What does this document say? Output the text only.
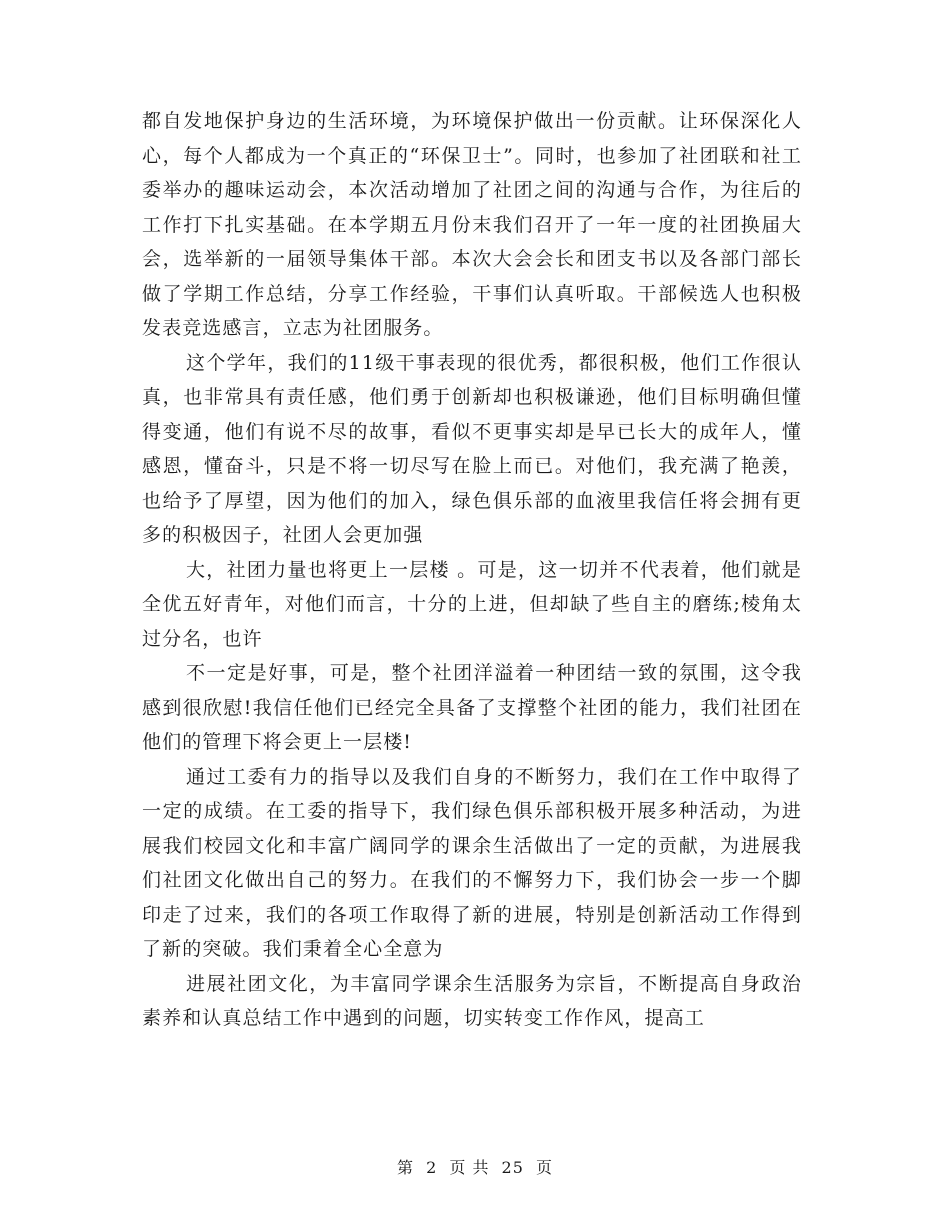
都自发地保护身边的生活环境，为环境保护做出一份贡献。让环保深化人心，每个人都成为一个真正的“环保卫士”。同时，也参加了社团联和社工委举办的趣味运动会，本次活动增加了社团之间的沟通与合作，为往后的工作打下扎实基础。在本学期五月份末我们召开了一年一度的社团换届大会，选举新的一届领导集体干部。本次大会会长和团支书以及各部门部长做了学期工作总结，分享工作经验，干事们认真听取。干部候选人也积极发表竞选感言，立志为社团服务。

这个学年，我们的11级干事表现的很优秀，都很积极，他们工作很认真，也非常具有责任感，他们勇于创新却也积极谦逊，他们目标明确但懂得变通，他们有说不尽的故事，看似不更事实却是早已长大的成年人，懂感恩，懂奋斗，只是不将一切尽写在脸上而已。对他们，我充满了艳羡，也给予了厚望，因为他们的加入，绿色俱乐部的血液里我信任将会拥有更多的积极因子，社团人会更加强

大，社团力量也将更上一层楼 。可是，这一切并不代表着，他们就是全优五好青年，对他们而言，十分的上进，但却缺了些自主的磨练;棱角太过分名，也许

不一定是好事，可是，整个社团洋溢着一种团结一致的氛围，这令我感到很欣慰!我信任他们已经完全具备了支撑整个社团的能力，我们社团在他们的管理下将会更上一层楼!

通过工委有力的指导以及我们自身的不断努力，我们在工作中取得了一定的成绩。在工委的指导下，我们绿色俱乐部积极开展多种活动，为进展我们校园文化和丰富广阔同学的课余生活做出了一定的贡献，为进展我们社团文化做出自己的努力。在我们的不懈努力下，我们协会一步一个脚印走了过来，我们的各项工作取得了新的进展，特别是创新活动工作得到了新的突破。我们秉着全心全意为

进展社团文化，为丰富同学课余生活服务为宗旨，不断提高自身政治素养和认真总结工作中遇到的问题，切实转变工作作风，提高工

第 2 页 共 25 页
